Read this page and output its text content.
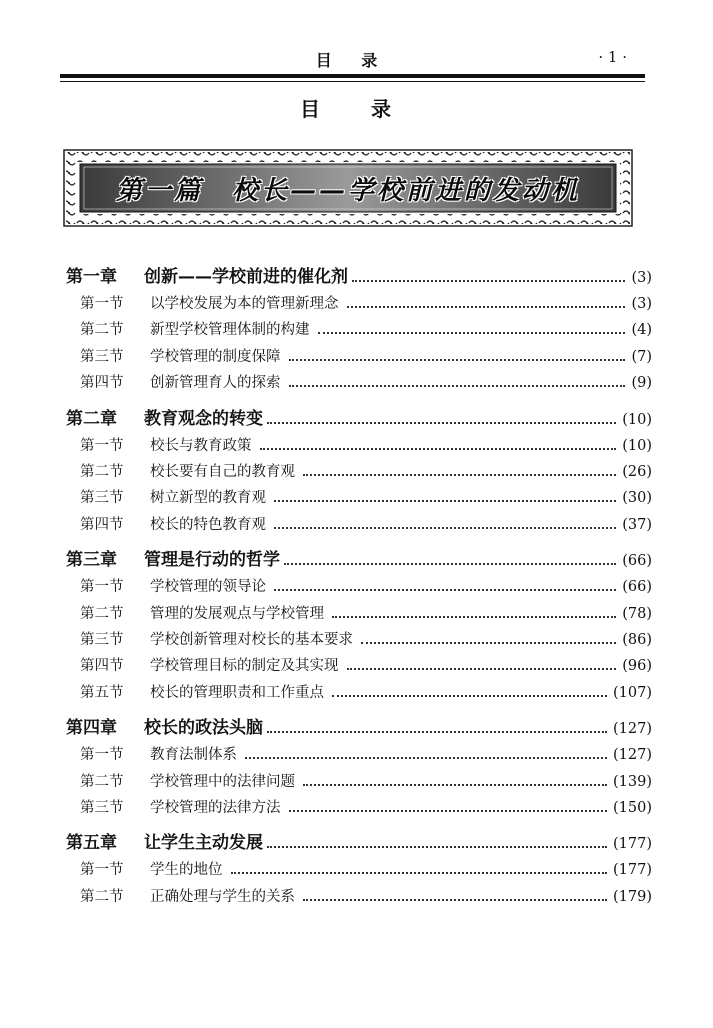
目 录	· 1 ·
目 录
第一篇　校长——学校前进的发动机
第一章	创新——学校前进的催化剂	(3)
第一节	以学校发展为本的管理新理念	(3)
第二节	新型学校管理体制的构建	(4)
第三节	学校管理的制度保障	(7)
第四节	创新管理育人的探索	(9)
第二章	教育观念的转变	(10)
第一节	校长与教育政策	(10)
第二节	校长要有自己的教育观	(26)
第三节	树立新型的教育观	(30)
第四节	校长的特色教育观	(37)
第三章	管理是行动的哲学	(66)
第一节	学校管理的领导论	(66)
第二节	管理的发展观点与学校管理	(78)
第三节	学校创新管理对校长的基本要求	(86)
第四节	学校管理目标的制定及其实现	(96)
第五节	校长的管理职责和工作重点	(107)
第四章	校长的政法头脑	(127)
第一节	教育法制体系	(127)
第二节	学校管理中的法律问题	(139)
第三节	学校管理的法律方法	(150)
第五章	让学生主动发展	(177)
第一节	学生的地位	(177)
第二节	正确处理与学生的关系	(179)
